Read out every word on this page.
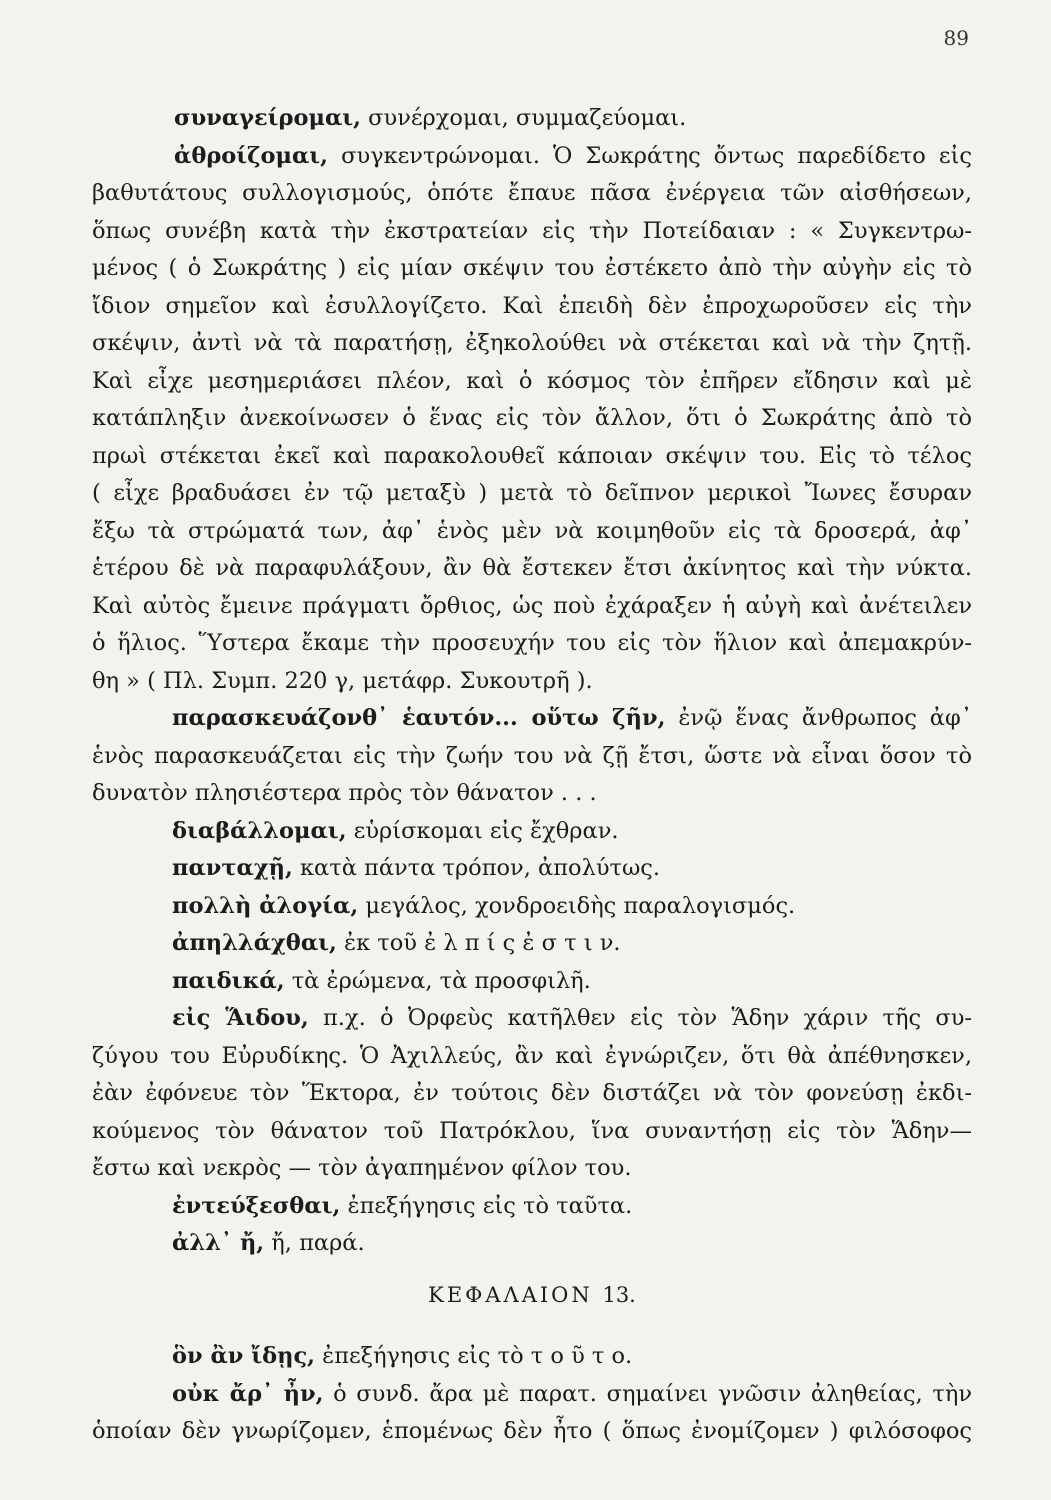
89
συναγείρομαι, συνέρχομαι, συμμαζεύομαι.
ἀθροίζομαι, συγκεντρώνομαι. Ὁ Σωκράτης ὄντως παρεδίδετο εἰς
βαθυτάτους συλλογισμούς, ὁπότε ἔπαυε πᾶσα ἐνέργεια τῶν αἰσθήσεων,
ὅπως συνέβη κατὰ τὴν ἐκστρατείαν εἰς τὴν Ποτείδαιαν : « Συγκεντρω-
μένος ( ὁ Σωκράτης ) εἰς μίαν σκέψιν του ἐστέκετο ἀπὸ τὴν αὐγὴν εἰς τὸ
ἴδιον σημεῖον καὶ ἐσυλλογίζετο. Καὶ ἐπειδὴ δὲν ἐπροχωροῦσεν εἰς τὴν
σκέψιν, ἀντὶ νὰ τὰ παρατήσῃ, ἐξηκολούθει νὰ στέκεται καὶ νὰ τὴν ζητῇ.
Καὶ εἶχε μεσημεριάσει πλέον, καὶ ὁ κόσμος τὸν ἐπῆρεν εἴδησιν καὶ μὲ
κατάπληξιν ἀνεκοίνωσεν ὁ ἕνας εἰς τὸν ἄλλον, ὅτι ὁ Σωκράτης ἀπὸ τὸ
πρωὶ στέκεται ἐκεῖ καὶ παρακολουθεῖ κάποιαν σκέψιν του. Εἰς τὸ τέλος
( εἶχε βραδυάσει ἐν τῷ μεταξὺ ) μετὰ τὸ δεῖπνον μερικοὶ Ἴωνες ἔσυραν
ἔξω τὰ στρώματά των, ἀφ᾽ ἑνὸς μὲν νὰ κοιμηθοῦν εἰς τὰ δροσερά, ἀφ᾽
ἑτέρου δὲ νὰ παραφυλάξουν, ἂν θὰ ἔστεκεν ἔτσι ἀκίνητος καὶ τὴν νύκτα.
Καὶ αὐτὸς ἔμεινε πράγματι ὄρθιος, ὡς ποὺ ἐχάραξεν ἡ αὐγὴ καὶ ἀνέτειλεν
ὁ ἥλιος. Ὕστερα ἔκαμε τὴν προσευχήν του εἰς τὸν ἥλιον καὶ ἀπεμακρύν-
θη » ( Πλ. Συμπ. 220 γ, μετάφρ. Συκουτρῆ ).
παρασκευάζονθ᾽ ἑαυτόν... οὕτω ζῆν, ἐνῷ ἕνας ἄνθρωπος ἀφ᾽
ἑνὸς παρασκευάζεται εἰς τὴν ζωήν του νὰ ζῇ ἔτσι, ὥστε νὰ εἶναι ὅσον τὸ
δυνατὸν πλησιέστερα πρὸς τὸν θάνατον . . .
διαβάλλομαι, εὑρίσκομαι εἰς ἔχθραν.
πανταχῇ, κατὰ πάντα τρόπον, ἀπολύτως.
πολλὴ ἀλογία, μεγάλος, χονδροειδὴς παραλογισμός.
ἀπηλλάχθαι, ἐκ τοῦ ἐ λ π ί ς ἐ σ τ ι ν.
παιδικά, τὰ ἐρώμενα, τὰ προσφιλῆ.
εἰς Ἅιδου, π.χ. ὁ Ὀρφεὺς κατῆλθεν εἰς τὸν Ἅδην χάριν τῆς συ-
ζύγου του Εὐρυδίκης. Ὁ Ἀχιλλεύς, ἂν καὶ ἐγνώριζεν, ὅτι θὰ ἀπέθνησκεν,
ἐὰν ἐφόνευε τὸν Ἕκτορα, ἐν τούτοις δὲν διστάζει νὰ τὸν φονεύσῃ ἐκδι-
κούμενος τὸν θάνατον τοῦ Πατρόκλου, ἵνα συναντήσῃ εἰς τὸν Ἅδην—
ἔστω καὶ νεκρὸς — τὸν ἀγαπημένον φίλον του.
ἐντεύξεσθαι, ἐπεξήγησις εἰς τὸ ταῦτα.
ἀλλ᾽ ἤ, ἤ, παρά.
ΚΕΦΑΛΑΙΟΝ 13.
ὃν ἂν ἴδῃς, ἐπεξήγησις εἰς τὸ τ ο ῦ τ ο.
οὐκ ἄρ᾽ ἦν, ὁ συνδ. ἄρα μὲ παρατ. σημαίνει γνῶσιν ἀληθείας, τὴν
ὁποίαν δὲν γνωρίζομεν, ἑπομένως δὲν ἦτο ( ὅπως ἐνομίζομεν ) φιλόσοφος
